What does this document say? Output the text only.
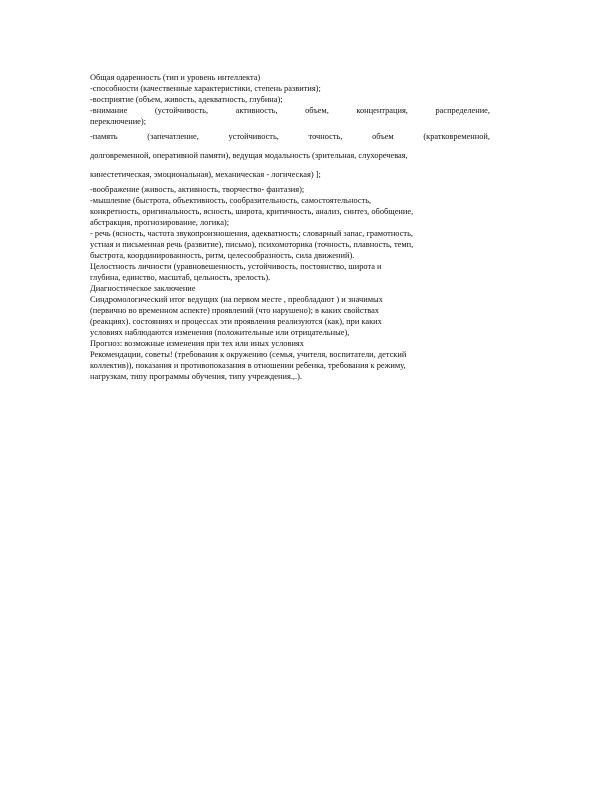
Общая одаренность (тип и уровень интеллекта)
-способности (качественные характеристики, степень развития);
-восприятие (объем, живость, адекватность, глубина);
-внимание (устойчивость, активность, объем, концентрация, распределение,
переключение);
-память (запечатление, устойчивость, точность, объем (кратковременной,
долговременной, оперативной памяти), ведущая модальность (зрительная, слухоречевая,
кинестетическая, эмоциональная), механическая - логическая) ];
-воображение (живость, активность, творчество- фантазия);
-мышление (быстрота, объективность, сообразительность, самостоятельность,
конкретность, оригинальность, ясность, широта, критичность, анализ, синтез, обобщение,
абстракция, прогнозирование, логика);
- речь (ясность, частота звукопроизношения, адекватность; словарный запас, грамотность,
устная и письменная речь (развитие), письмо), психомоторика (точность, плавность, темп,
быстрота, координированность, ритм, целесообразность, сила движений).
Целостность личности (уравновешенность, устойчивость, постоянство, широта и
глубина, единство, масштаб, цельность, зрелость).
Диагностическое заключение
Синдромологический итог ведущих (на первом месте , преобладают ) и значимых
(первично во временном аспекте) проявлений (что нарушено); в каких свойствах
(реакциях). состояниях и процессах эти проявления реализуются (как), при каких
условиях наблюдаются изменения (положительные или отрицательные),
Прогноз: возможные изменения при тех или иных условиях
Рекомендации, советы! (требования к окружению (семья, учителя, воспитатели, детский
коллектив)), показания и противопоказания в отношении ребенка, требования к режиму,
нагрузкам, типу программы обучения, типу учреждения.,.).
